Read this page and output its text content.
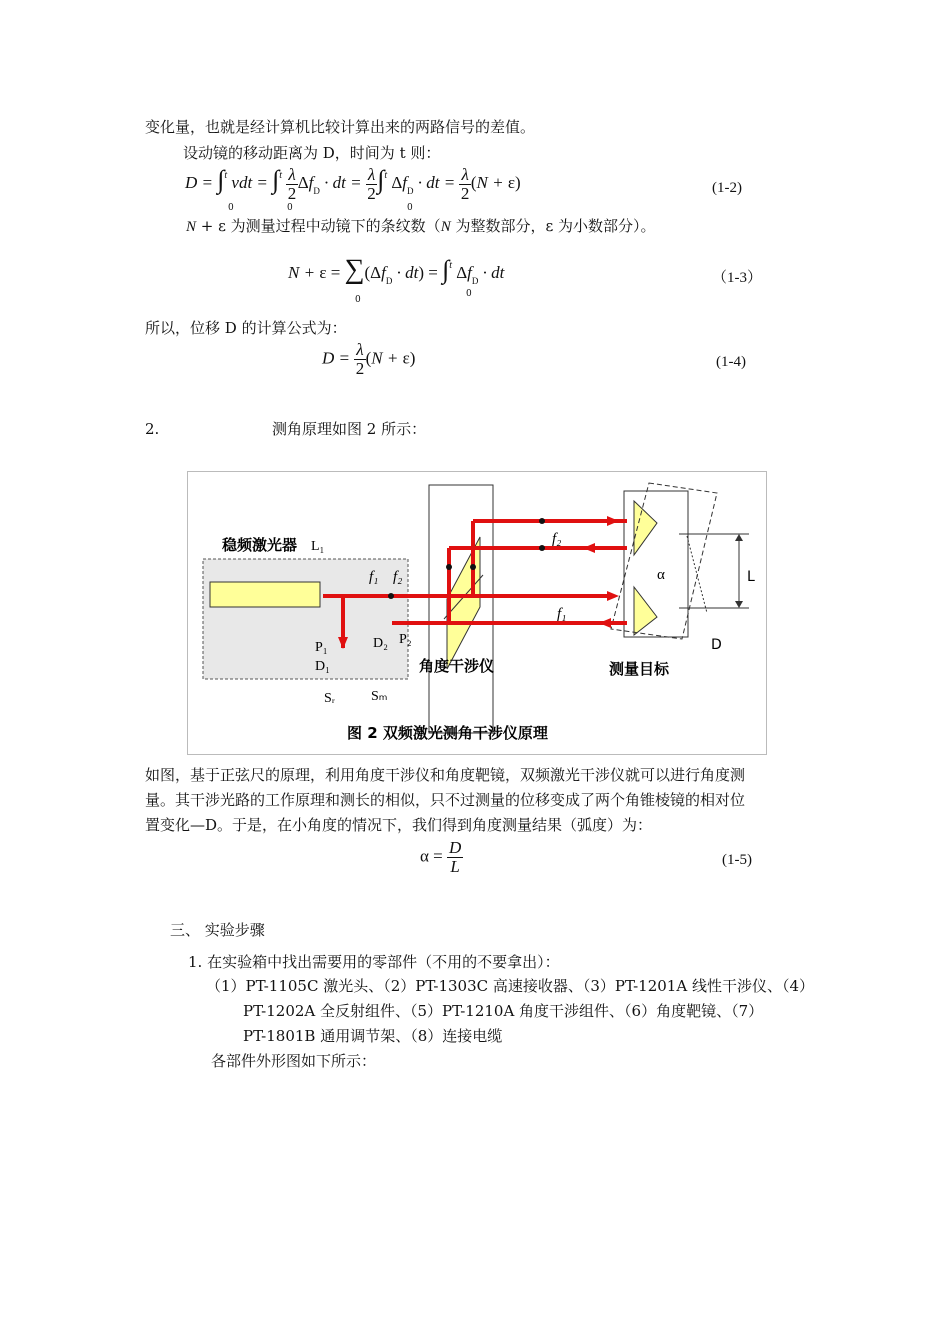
变化量，也就是经计算机比较计算出来的两路信号的差值。
设动镜的移动距离为 D，时间为 t 则：
D = ∫$^t$ vdt = $\int^t \frac{\lambda}{2} \Delta f_D$ · dt = $\frac{\lambda}{2} \int^t$ $\Delta f_D$ · dt = $\frac{\lambda}{2} (N + \varepsilon)$
0	0	0
(1-2)
N + ε 为测量过程中动镜下的条纹数（N 为整数部分，ε 为小数部分）。
$N + \varepsilon = \sum(\Delta f_D \cdot dt) = \int^t$ $\Delta f_D$ · dt
0
0
（1-3）
所以，位移 D 的计算公式为：
$D = \frac{\lambda}{2} (N + \varepsilon)$	(1-4)
2.	测角原理如图 2 所示：
稳频激光器 L₁
角度干涉仪	测量目标
f₂
f₁
f₁ f₂	α	L
D
P₁
D₁
D₂ P₂
Sᵣ	Sₘ
图 2 双频激光测角干涉仪原理
如图，基于正弦尺的原理，利用角度干涉仪和角度靶镜，双频激光干涉仪就可以进行角度测
量。其干涉光路的工作原理和测长的相似，只不过测量的位移变成了两个角锥棱镜的相对位
置变化—D。于是，在小角度的情况下，我们得到角度测量结果（弧度）为：
$\alpha = \frac{D}{L}$	(1-5)
三、 实验步骤
1. 在实验箱中找出需要用的零部件（不用的不要拿出）：
（1）PT-1105C 激光头、（2）PT-1303C 高速接收器、（3）PT-1201A 线性干涉仪、（4）
PT-1202A 全反射组件、（5）PT-1210A 角度干涉组件、（6）角度靶镜、（7）
PT-1801B 通用调节架、（8）连接电缆
各部件外形图如下所示：
